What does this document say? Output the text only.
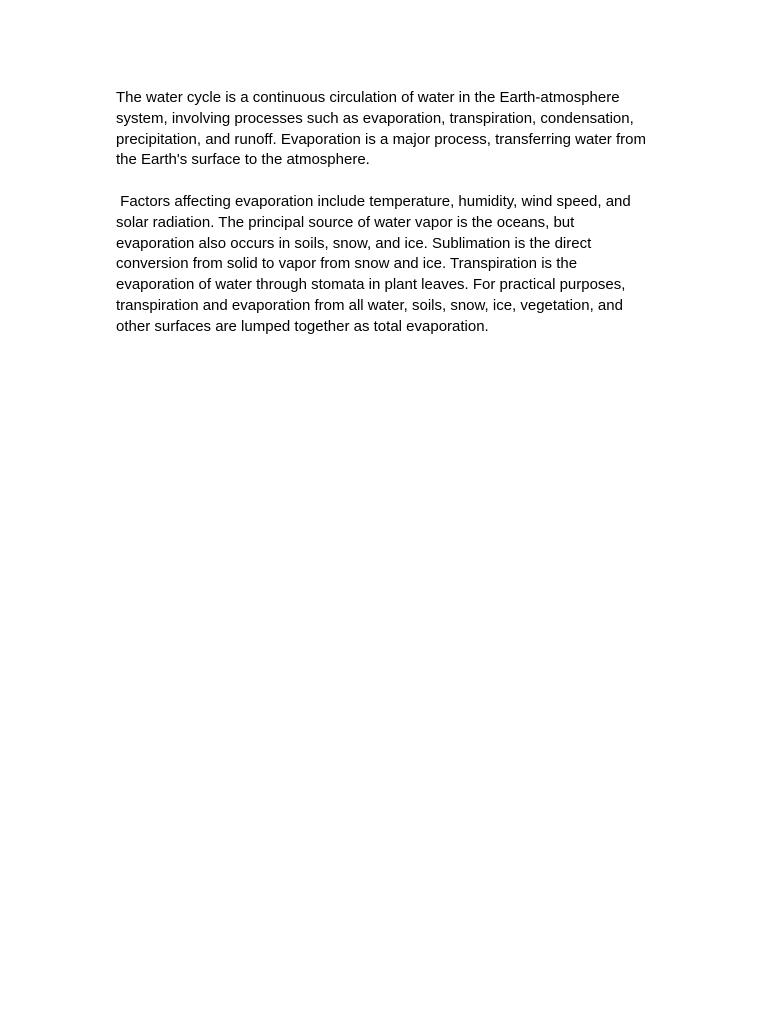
The water cycle is a continuous circulation of water in the Earth-atmosphere system, involving processes such as evaporation, transpiration, condensation, precipitation, and runoff. Evaporation is a major process, transferring water from the Earth's surface to the atmosphere.

Factors affecting evaporation include temperature, humidity, wind speed, and solar radiation. The principal source of water vapor is the oceans, but evaporation also occurs in soils, snow, and ice. Sublimation is the direct conversion from solid to vapor from snow and ice. Transpiration is the evaporation of water through stomata in plant leaves. For practical purposes, transpiration and evaporation from all water, soils, snow, ice, vegetation, and other surfaces are lumped together as total evaporation.
